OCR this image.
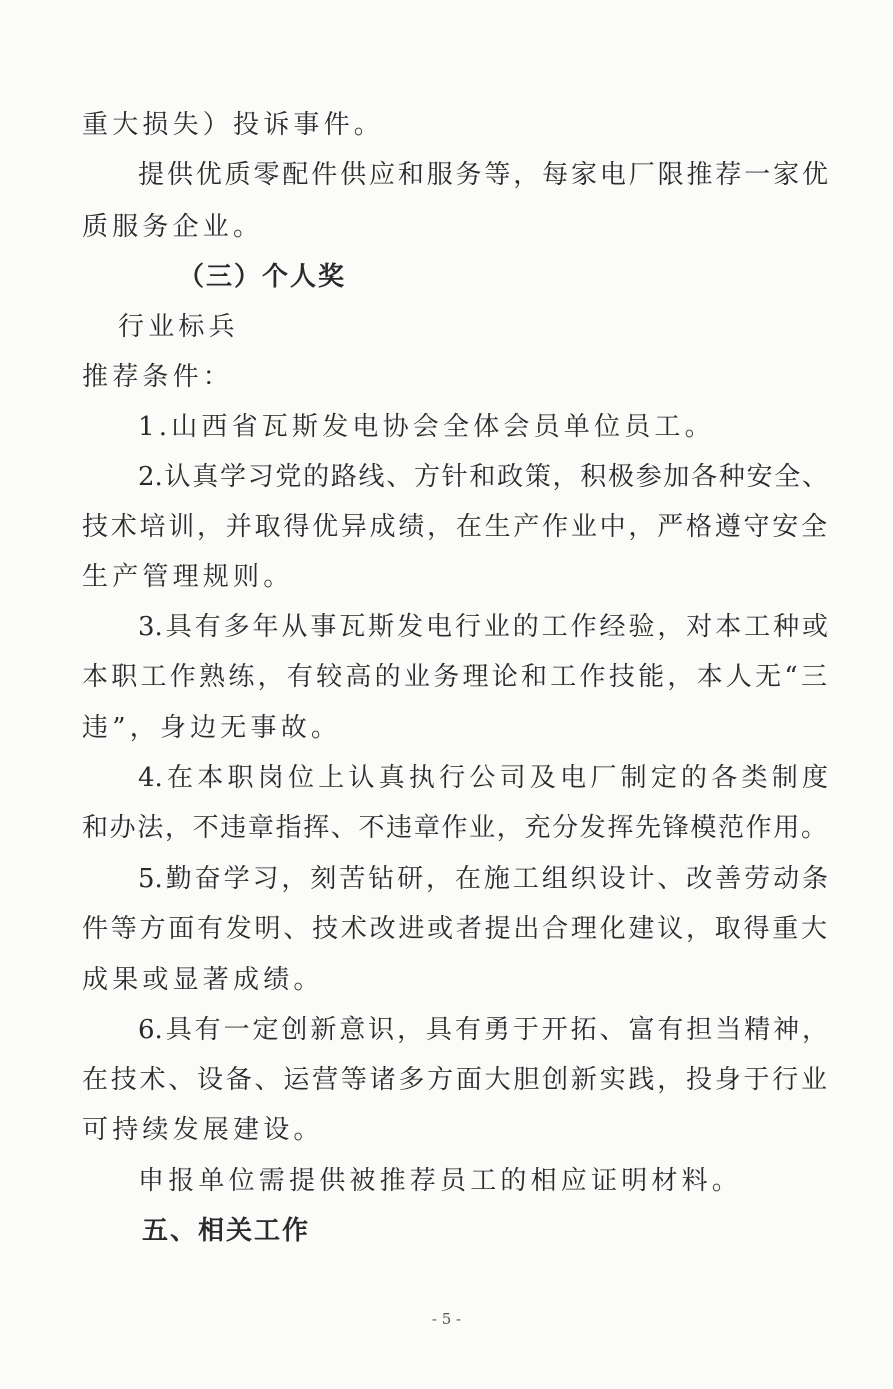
重大损失）投诉事件。
提供优质零配件供应和服务等，每家电厂限推荐一家优
质服务企业。
（三）个人奖
行业标兵
推荐条件：
1.山西省瓦斯发电协会全体会员单位员工。
2.认真学习党的路线、方针和政策，积极参加各种安全、
技术培训，并取得优异成绩，在生产作业中，严格遵守安全
生产管理规则。
3.具有多年从事瓦斯发电行业的工作经验，对本工种或
本职工作熟练，有较高的业务理论和工作技能，本人无“三
违”，身边无事故。
4.在本职岗位上认真执行公司及电厂制定的各类制度
和办法，不违章指挥、不违章作业，充分发挥先锋模范作用。
5.勤奋学习，刻苦钻研，在施工组织设计、改善劳动条
件等方面有发明、技术改进或者提出合理化建议，取得重大
成果或显著成绩。
6.具有一定创新意识，具有勇于开拓、富有担当精神，
在技术、设备、运营等诸多方面大胆创新实践，投身于行业
可持续发展建设。
申报单位需提供被推荐员工的相应证明材料。
五、相关工作
- 5 -
